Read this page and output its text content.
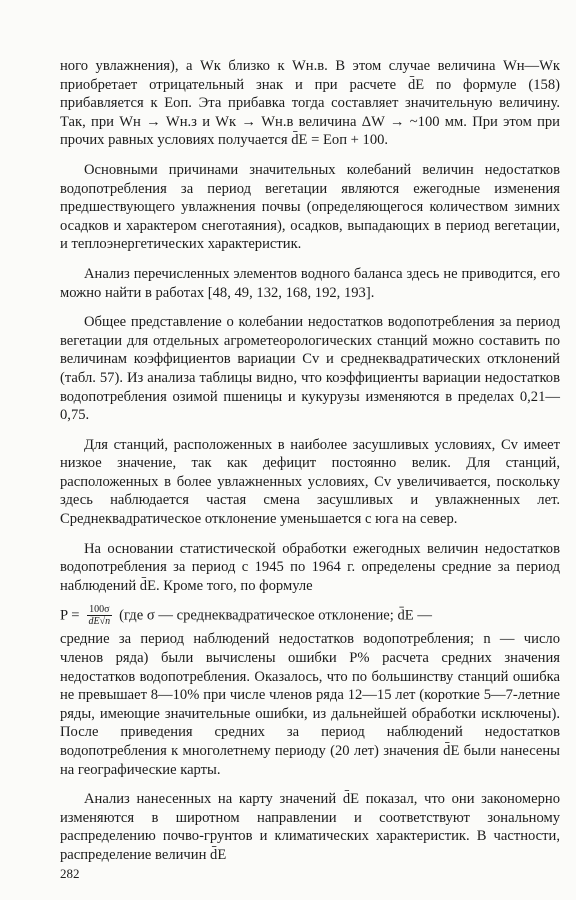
ного увлажнения), а Wк близко к Wн.в. В этом случае величина Wн—Wк приобретает отрицательный знак и при расчете d̄E по формуле (158) прибавляется к Eоп. Эта прибавка тогда составляет значительную величину. Так, при Wн → Wн.з и Wк → Wн.в величина ΔW → ~100 мм. При этом при прочих равных условиях получается d̄E = Eоп + 100.

Основными причинами значительных колебаний величин недостатков водопотребления за период вегетации являются ежегодные изменения предшествующего увлажнения почвы (определяющегося количеством зимних осадков и характером снеготаяния), осадков, выпадающих в период вегетации, и теплоэнергетических характеристик.

Анализ перечисленных элементов водного баланса здесь не приводится, его можно найти в работах [48, 49, 132, 168, 192, 193].

Общее представление о колебании недостатков водопотребления за период вегетации для отдельных агрометеорологических станций можно составить по величинам коэффициентов вариации Cv и среднеквадратических отклонений (табл. 57). Из анализа таблицы видно, что коэффициенты вариации недостатков водопотребления озимой пшеницы и кукурузы изменяются в пределах 0,21—0,75.

Для станций, расположенных в наиболее засушливых условиях, Cv имеет низкое значение, так как дефицит постоянно велик. Для станций, расположенных в более увлажненных условиях, Cv увеличивается, поскольку здесь наблюдается частая смена засушливых и увлажненных лет. Среднеквадратическое отклонение уменьшается с юга на север.

На основании статистической обработки ежегодных величин недостатков водопотребления за период с 1945 по 1964 г. определены средние за период наблюдений d̄E. Кроме того, по формуле

$P = \frac{100\sigma}{d̄E√n} (где$ σ — среднеквадратическое отклонение; d̄E —

средние за период наблюдений недостатков водопотребления; n — число членов ряда) были вычислены ошибки P% расчета средних значения недостатков водопотребления. Оказалось, что по большинству станций ошибка не превышает 8—10% при числе членов ряда 12—15 лет (короткие 5—7-летние ряды, имеющие значительные ошибки, из дальнейшей обработки исключены). После приведения средних за период наблюдений недостатков водопотребления к многолетнему периоду (20 лет) значения d̄E были нанесены на географические карты.

Анализ нанесенных на карту значений d̄E показал, что они закономерно изменяются в широтном направлении и соответствуют зональному распределению почво-грунтов и климатических характеристик. В частности, распределение величин d̄E

282
